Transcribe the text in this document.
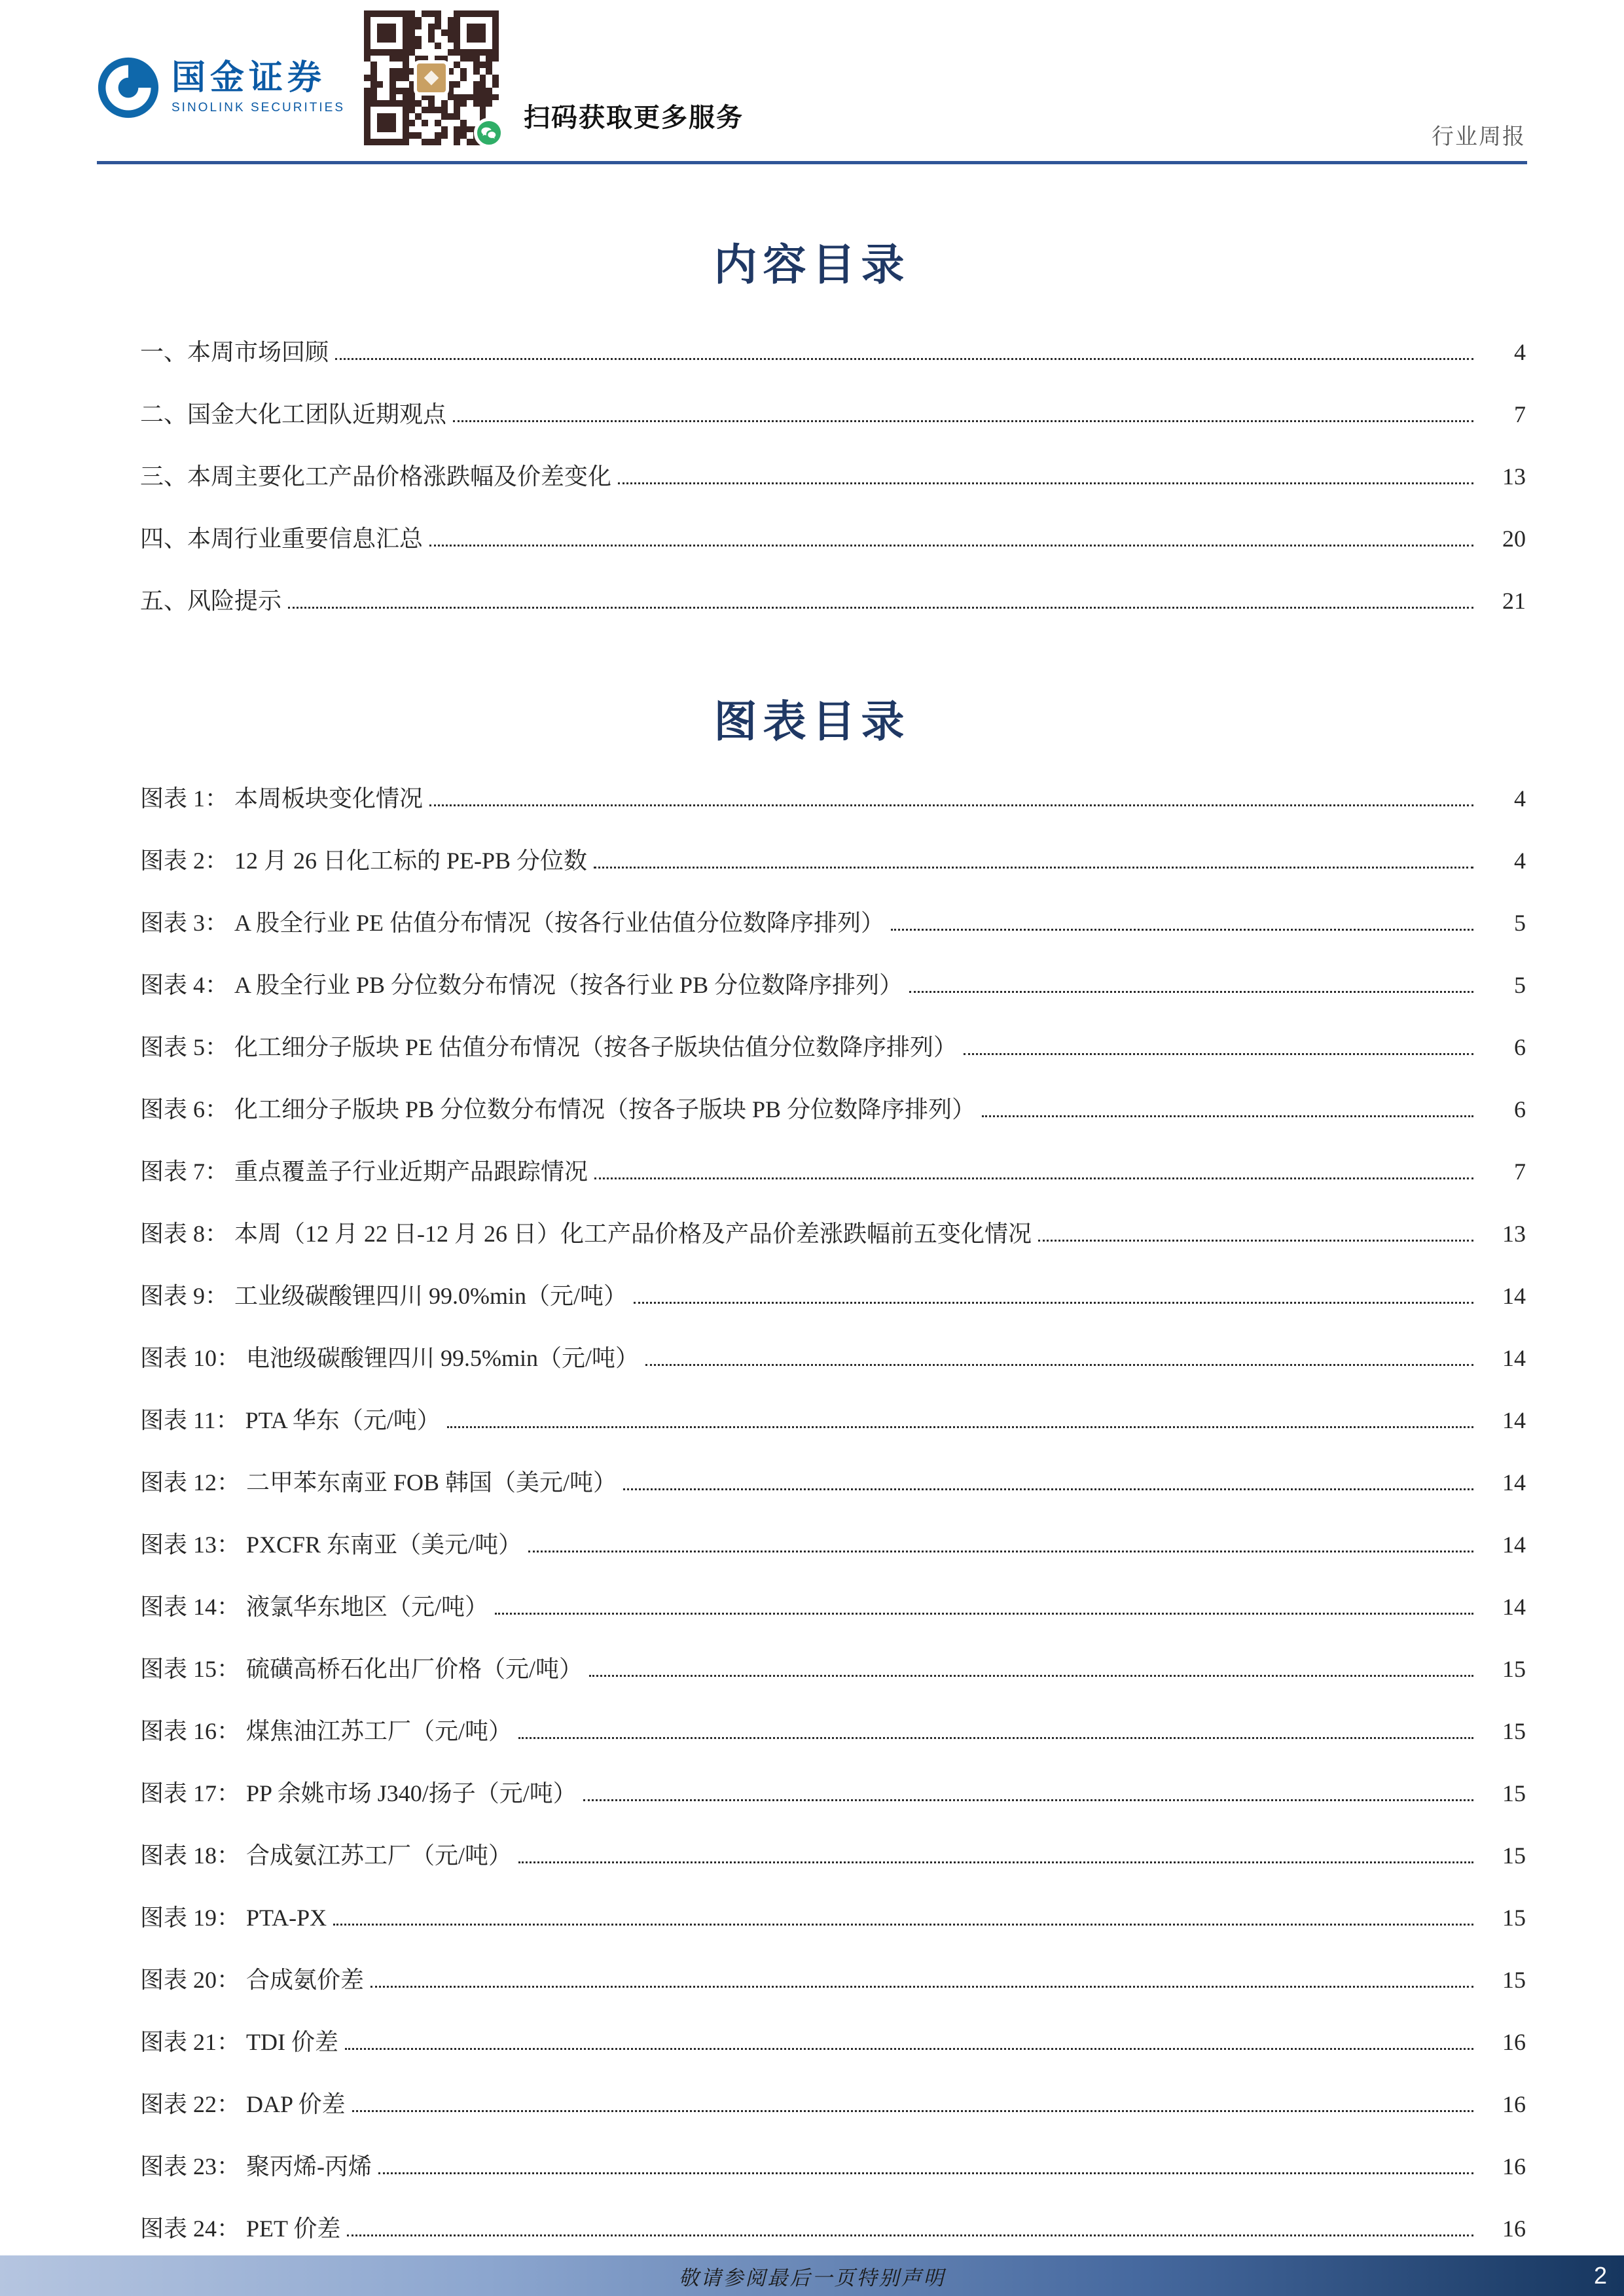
国金证券
SINOLINK SECURITIES	扫码获取更多服务
行业周报
内容目录
一、本周市场回顾	4
二、国金大化工团队近期观点	7
三、本周主要化工产品价格涨跌幅及价差变化	13
四、本周行业重要信息汇总	20
五、风险提示	21
图表目录
图表 1： 本周板块变化情况	4
图表 2： 12 月 26 日化工标的 PE-PB 分位数	4
图表 3： A 股全行业 PE 估值分布情况（按各行业估值分位数降序排列）	5
图表 4： A 股全行业 PB 分位数分布情况（按各行业 PB 分位数降序排列）	5
图表 5： 化工细分子版块 PE 估值分布情况（按各子版块估值分位数降序排列）	6
图表 6： 化工细分子版块 PB 分位数分布情况（按各子版块 PB 分位数降序排列）	6
图表 7： 重点覆盖子行业近期产品跟踪情况	7
图表 8： 本周（12 月 22 日-12 月 26 日）化工产品价格及产品价差涨跌幅前五变化情况	13
图表 9： 工业级碳酸锂四川 99.0%min（元/吨）	14
图表 10： 电池级碳酸锂四川 99.5%min（元/吨）	14
图表 11： PTA 华东（元/吨）	14
图表 12： 二甲苯东南亚 FOB 韩国（美元/吨）	14
图表 13： PXCFR 东南亚（美元/吨）	14
图表 14： 液氯华东地区（元/吨）	14
图表 15： 硫磺高桥石化出厂价格（元/吨）	15
图表 16： 煤焦油江苏工厂（元/吨）	15
图表 17： PP 余姚市场 J340/扬子（元/吨）	15
图表 18： 合成氨江苏工厂（元/吨）	15
图表 19： PTA-PX	15
图表 20： 合成氨价差	15
图表 21： TDI 价差	16
图表 22： DAP 价差	16
图表 23： 聚丙烯-丙烯	16
图表 24： PET 价差	16
敬请参阅最后一页特别声明	2
